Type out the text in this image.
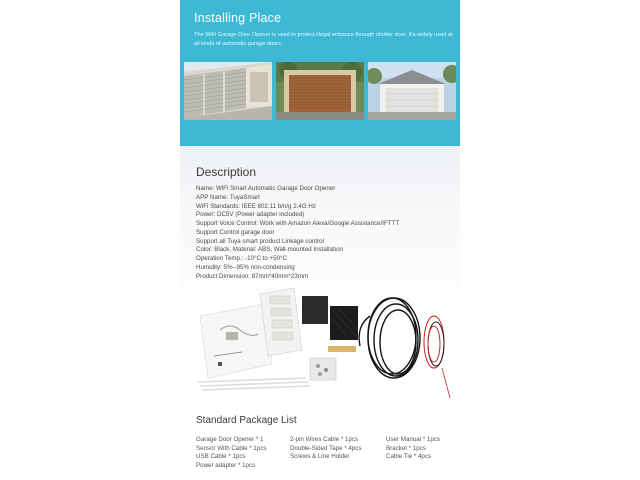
Installing Place

The WiFi Garage Door Opener is used to protect illegal entrance through shutter door, It's widely used at all kinds of automatic garage doors.

Description
Name: WiFi Smart Automatic Garage Door Opener
APP Name: TuyaSmart
WiFi Standards: IEEE 802.11 b/n/g 2.4G Hz
Power: DC5V (Power adapter included)
Support Voice Control: Work with Amazon Alexa/Google Assistance/IFTTT
Support Control garage door
Support all Tuya smart product Linkage control
Color: Black, Material: ABS, Wall-mounted Installation
Operation Temp.: -10°C to +50°C
Humidity: 5%--95% non-condensing
Product Dimension: 87mm*40mm*23mm
Standard Package List
Garage Door Opener * 1
Sensor With Cable * 1pcs
USB Cable * 1pcs
Power adapter * 1pcs
2-pin Wires Cable * 1pcs
Double-Sided Tape * 4pcs
Screws & Line Holder
User Manual * 1pcs
Bracket * 1pcs
Cable Tie * 4pcs
